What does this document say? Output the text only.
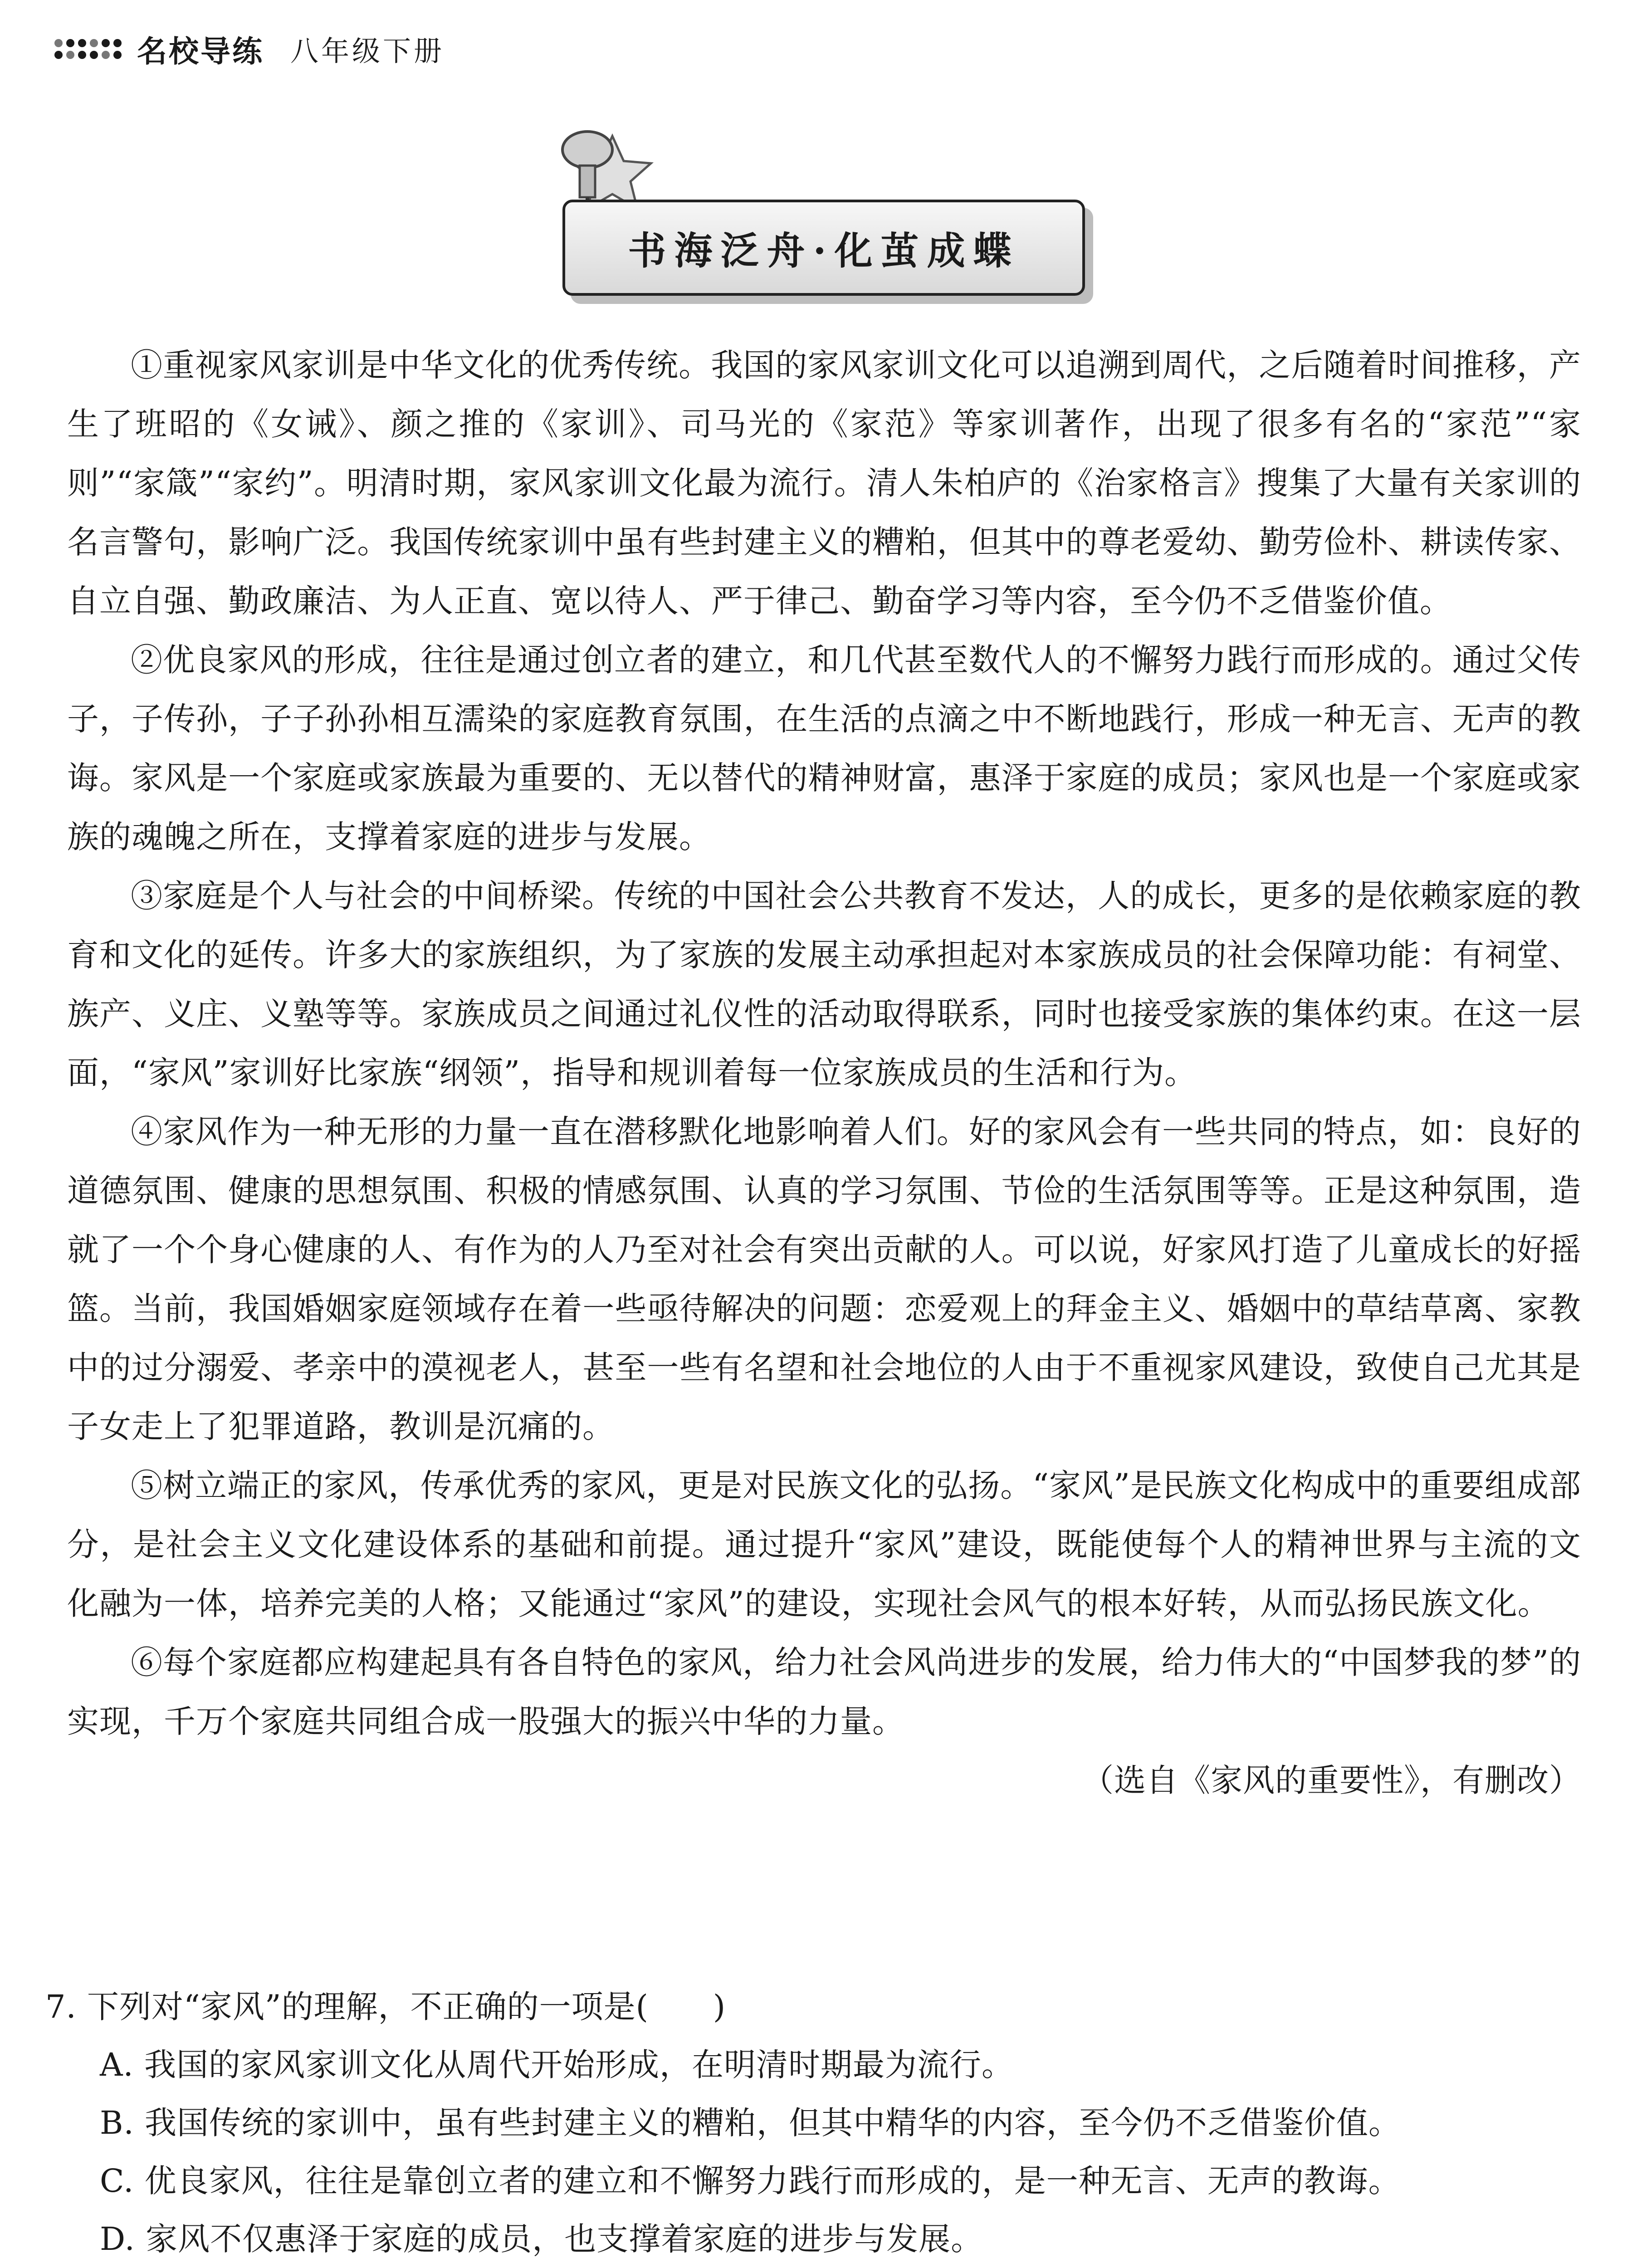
名校导练 八年级下册
书海泛舟·化茧成蝶

①重视家风家训是中华文化的优秀传统。我国的家风家训文化可以追溯到周代，之后随着时间推移，产生了班昭的《女诫》、颜之推的《家训》、司马光的《家范》等家训著作，出现了很多有名的“家范”“家则”“家箴”“家约”。明清时期，家风家训文化最为流行。清人朱柏庐的《治家格言》搜集了大量有关家训的名言警句，影响广泛。我国传统家训中虽有些封建主义的糟粕，但其中的尊老爱幼、勤劳俭朴、耕读传家、自立自强、勤政廉洁、为人正直、宽以待人、严于律己、勤奋学习等内容，至今仍不乏借鉴价值。

②优良家风的形成，往往是通过创立者的建立，和几代甚至数代人的不懈努力践行而形成的。通过父传子，子传孙，子子孙孙相互濡染的家庭教育氛围，在生活的点滴之中不断地践行，形成一种无言、无声的教诲。家风是一个家庭或家族最为重要的、无以替代的精神财富，惠泽于家庭的成员；家风也是一个家庭或家族的魂魄之所在，支撑着家庭的进步与发展。

③家庭是个人与社会的中间桥梁。传统的中国社会公共教育不发达，人的成长，更多的是依赖家庭的教育和文化的延传。许多大的家族组织，为了家族的发展主动承担起对本家族成员的社会保障功能：有祠堂、族产、义庄、义塾等等。家族成员之间通过礼仪性的活动取得联系，同时也接受家族的集体约束。在这一层面，“家风”家训好比家族“纲领”，指导和规训着每一位家族成员的生活和行为。

④家风作为一种无形的力量一直在潜移默化地影响着人们。好的家风会有一些共同的特点，如：良好的道德氛围、健康的思想氛围、积极的情感氛围、认真的学习氛围、节俭的生活氛围等等。正是这种氛围，造就了一个个身心健康的人、有作为的人乃至对社会有突出贡献的人。可以说，好家风打造了儿童成长的好摇篮。当前，我国婚姻家庭领域存在着一些亟待解决的问题：恋爱观上的拜金主义、婚姻中的草结草离、家教中的过分溺爱、孝亲中的漠视老人，甚至一些有名望和社会地位的人由于不重视家风建设，致使自己尤其是子女走上了犯罪道路，教训是沉痛的。

⑤树立端正的家风，传承优秀的家风，更是对民族文化的弘扬。“家风”是民族文化构成中的重要组成部分，是社会主义文化建设体系的基础和前提。通过提升“家风”建设，既能使每个人的精神世界与主流的文化融为一体，培养完美的人格；又能通过“家风”的建设，实现社会风气的根本好转，从而弘扬民族文化。

⑥每个家庭都应构建起具有各自特色的家风，给力社会风尚进步的发展，给力伟大的“中国梦我的梦”的实现，千万个家庭共同组合成一股强大的振兴中华的力量。

（选自《家风的重要性》，有删改）

7. 下列对“家风”的理解，不正确的一项是(　　)

A. 我国的家风家训文化从周代开始形成，在明清时期最为流行。

B. 我国传统的家训中，虽有些封建主义的糟粕，但其中精华的内容，至今仍不乏借鉴价值。

C. 优良家风，往往是靠创立者的建立和不懈努力践行而形成的，是一种无言、无声的教诲。

D. 家风不仅惠泽于家庭的成员，也支撑着家庭的进步与发展。
